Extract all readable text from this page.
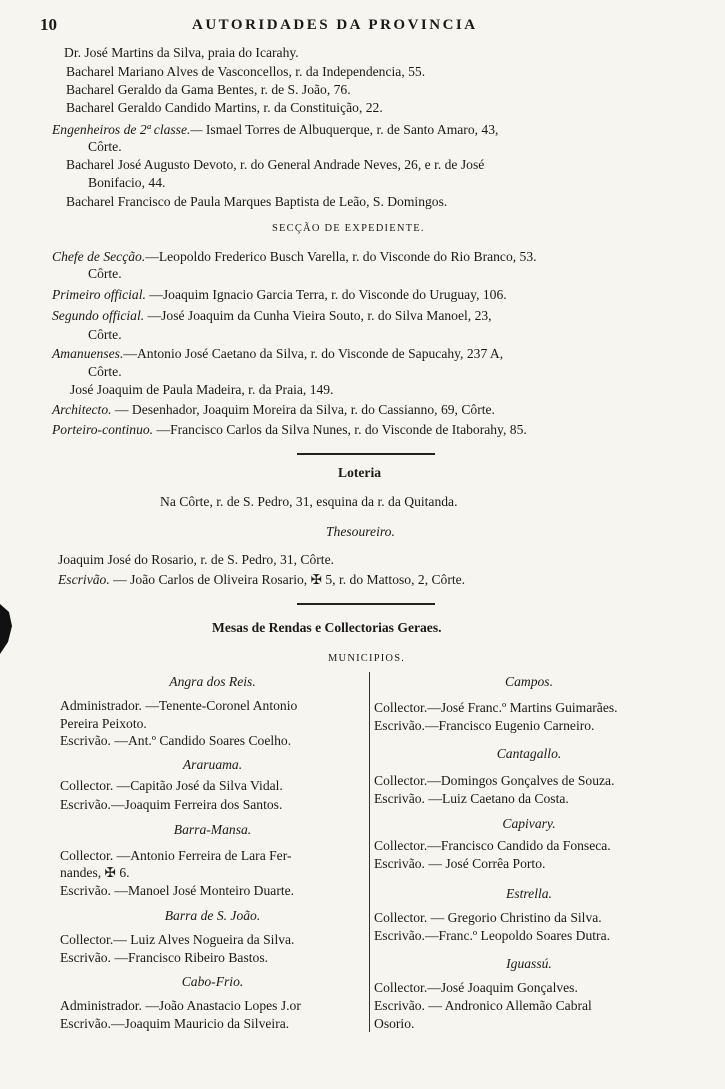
10	AUTORIDADES DA PROVINCIA
Dr. José Martins da Silva, praia do Icarahy.
Bacharel Mariano Alves de Vasconcellos, r. da Independencia, 55.
Bacharel Geraldo da Gama Bentes, r. de S. João, 76.
Bacharel Geraldo Candido Martins, r. da Constituição, 22.
Engenheiros de 2ª classe.— Ismael Torres de Albuquerque, r. de Santo Amaro, 43,
Côrte.
Bacharel José Augusto Devoto, r. do General Andrade Neves, 26, e r. de José
Bonifacio, 44.
Bacharel Francisco de Paula Marques Baptista de Leão, S. Domingos.
SECÇÃO DE EXPEDIENTE.
Chefe de Secção.—Leopoldo Frederico Busch Varella, r. do Visconde do Rio Branco, 53.
Côrte.
Primeiro official. —Joaquim Ignacio Garcia Terra, r. do Visconde do Uruguay, 106.
Segundo official. —José Joaquim da Cunha Vieira Souto, r. do Silva Manoel, 23,
Côrte.
Amanuenses.—Antonio José Caetano da Silva, r. do Visconde de Sapucahy, 237 A,
Côrte.
José Joaquim de Paula Madeira, r. da Praia, 149.
Architecto. — Desenhador, Joaquim Moreira da Silva, r. do Cassianno, 69, Côrte.
Porteiro-continuo. —Francisco Carlos da Silva Nunes, r. do Visconde de Itaborahy, 85.
Loteria
Na Côrte, r. de S. Pedro, 31, esquina da r. da Quitanda.
Thesoureiro.
Joaquim José do Rosario, r. de S. Pedro, 31, Côrte.
Escrivão. — João Carlos de Oliveira Rosario, ✠ 5, r. do Mattoso, 2, Côrte.
Mesas de Rendas e Collectorias Geraes.
MUNICIPIOS.
Angra dos Reis.
Administrador. —Tenente-Coronel Antonio
Pereira Peixoto.
Escrivão. —Ant.º Candido Soares Coelho.
Araruama.
Collector. —Capitão José da Silva Vidal.
Escrivão.—Joaquim Ferreira dos Santos.
Barra-Mansa.
Collector. —Antonio Ferreira de Lara Fer-
nandes, ✠ 6.
Escrivão. —Manoel José Monteiro Duarte.
Barra de S. João.
Collector.— Luiz Alves Nogueira da Silva.
Escrivão. —Francisco Ribeiro Bastos.
Cabo-Frio.
Administrador. —João Anastacio Lopes J.or
Escrivão.—Joaquim Mauricio da Silveira.
Campos.
Collector.—José Franc.º Martins Guimarães.
Escrivão.—Francisco Eugenio Carneiro.
Cantagallo.
Collector.—Domingos Gonçalves de Souza.
Escrivão. —Luiz Caetano da Costa.
Capivary.
Collector.—Francisco Candido da Fonseca.
Escrivão. — José Corrêa Porto.
Estrella.
Collector. — Gregorio Christino da Silva.
Escrivão.—Franc.º Leopoldo Soares Dutra.
Iguassú.
Collector.—José Joaquim Gonçalves.
Escrivão. — Andronico Allemão Cabral
Osorio.
